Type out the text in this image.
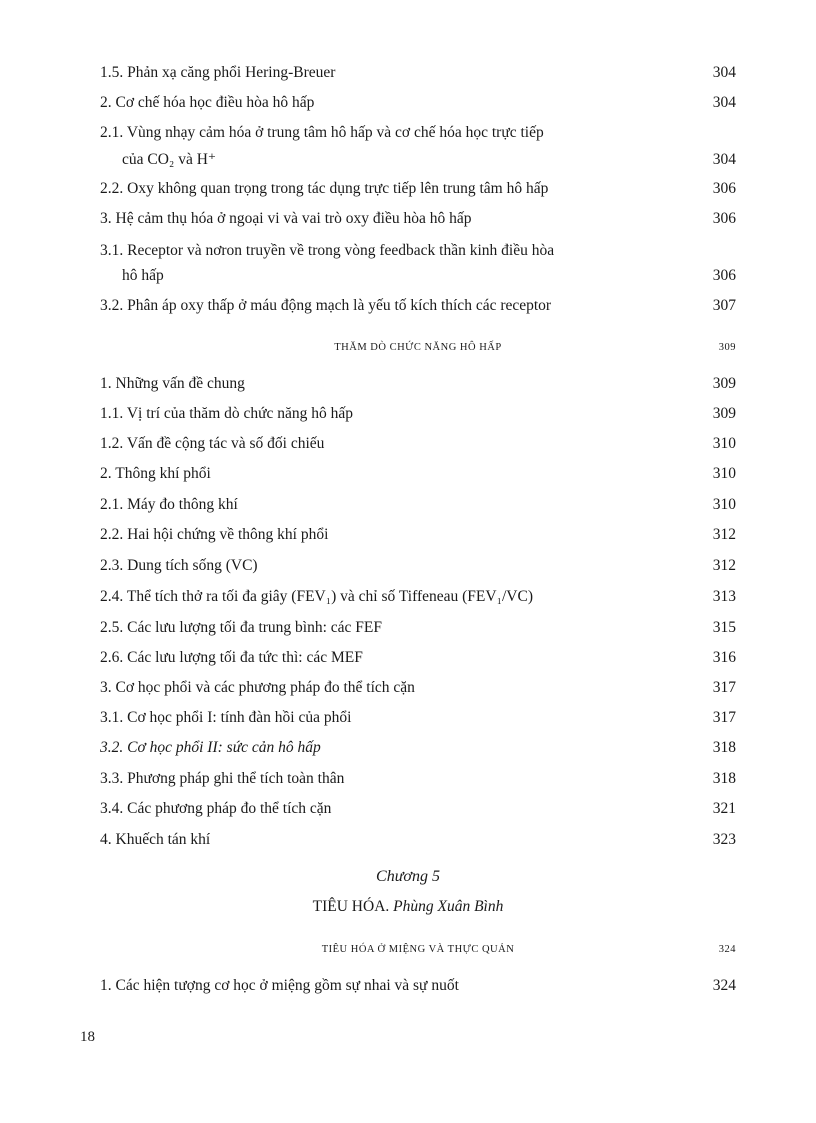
1.5. Phản xạ căng phổi Hering-Breuer	304
2. Cơ chế hóa học điều hòa hô hấp	304
2.1. Vùng nhạy cảm hóa ở trung tâm hô hấp và cơ chế hóa học trực tiếp
của CO₂ và H⁺	304
2.2. Oxy không quan trọng trong tác dụng trực tiếp lên trung tâm hô hấp	306
3. Hệ cảm thụ hóa ở ngoại vi và vai trò oxy điều hòa hô hấp	306
3.1. Receptor và nơron truyền về trong vòng feedback thần kinh điều hòa
hô hấp	306
3.2. Phân áp oxy thấp ở máu động mạch là yếu tố kích thích các receptor	307
THĂM DÒ CHỨC NĂNG HÔ HẤP	309
1. Những vấn đề chung	309
1.1. Vị trí của thăm dò chức năng hô hấp	309
1.2. Vấn đề cộng tác và số đối chiếu	310
2. Thông khí phổi	310
2.1. Máy đo thông khí	310
2.2. Hai hội chứng về thông khí phổi	312
2.3. Dung tích sống (VC)	312
2.4. Thể tích thở ra tối đa giây (FEV₁) và chỉ số Tiffeneau (FEV₁/VC)	313
2.5. Các lưu lượng tối đa trung bình: các FEF	315
2.6. Các lưu lượng tối đa tức thì: các MEF	316
3. Cơ học phổi và các phương pháp đo thể tích cặn	317
3.1. Cơ học phổi I: tính đàn hồi của phổi	317
3.2. Cơ học phổi II: sức cản hô hấp	318
3.3. Phương pháp ghi thể tích toàn thân	318
3.4. Các phương pháp đo thể tích cặn	321
4. Khuếch tán khí	323
Chương 5
TIÊU HÓA. Phùng Xuân Bình
TIÊU HÓA Ở MIỆNG VÀ THỰC QUẢN	324
1. Các hiện tượng cơ học ở miệng gồm sự nhai và sự nuốt	324
18
